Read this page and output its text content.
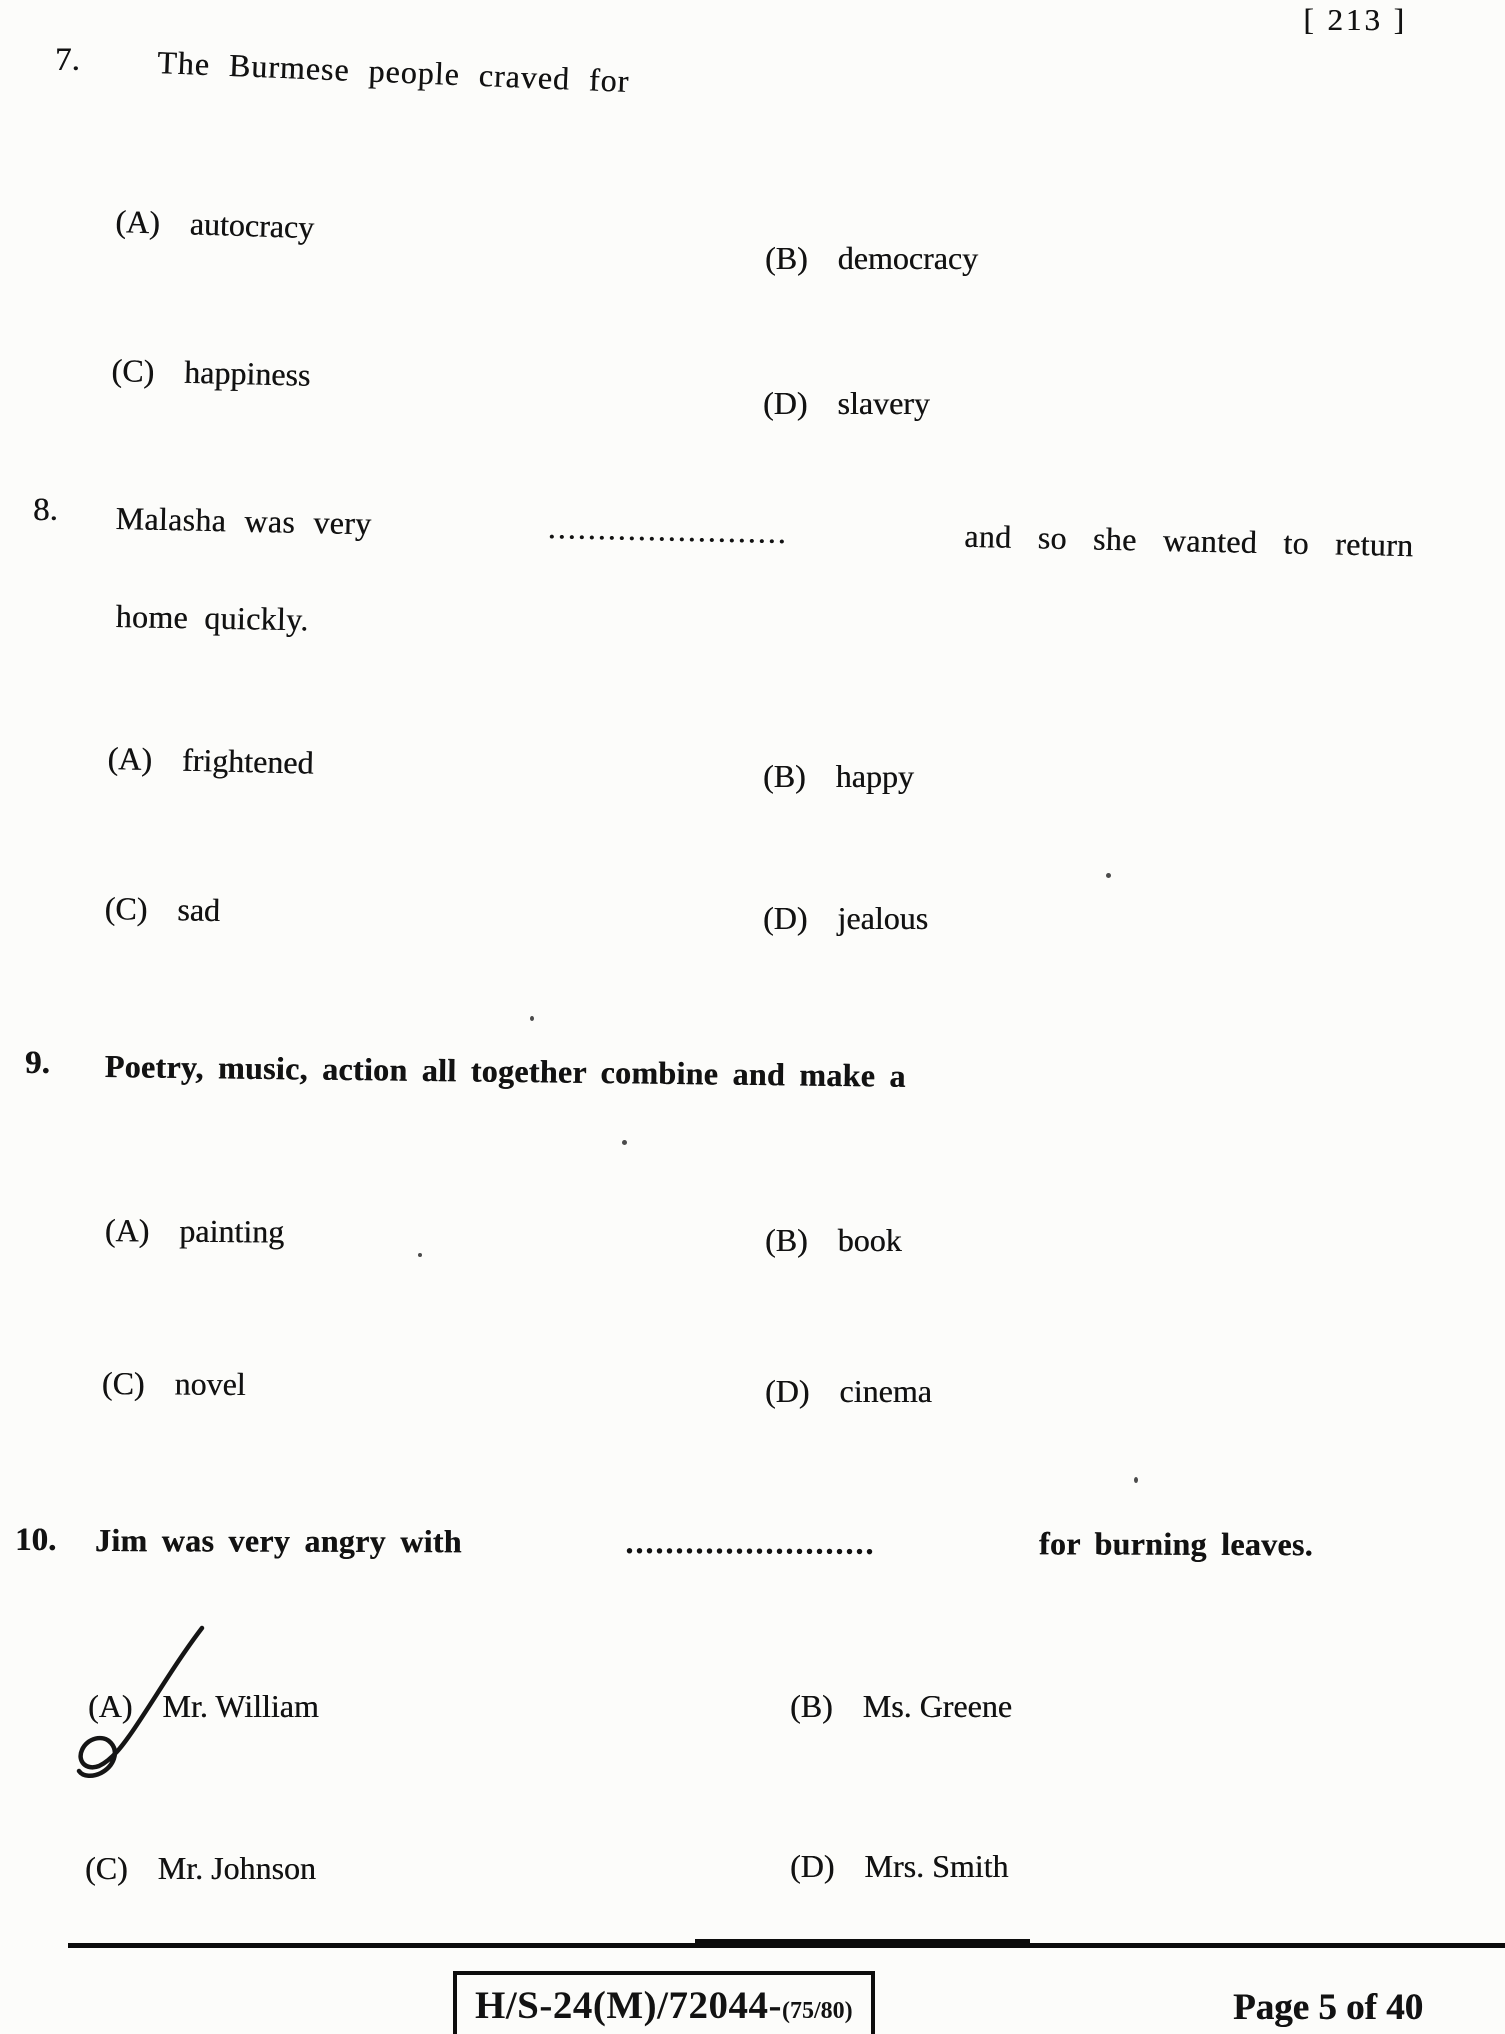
[ 213 ]
7. The Burmese people craved for
(A) autocracy
(B) democracy
(C) happiness
(D) slavery
8. Malasha was very	........................	and so she wanted to return
home quickly.
(A) frightened	(B) happy
(C) sad	(D) jealous
9. Poetry, music, action all together combine and make a
(A) painting	(B) book
(C) novel	(D) cinema
10. Jim was very angry with	.........................	for burning leaves.
(A) Mr. William	(B) Ms. Greene
(C) Mr. Johnson	(D) Mrs. Smith
H/S-24(M)/72044- (75/80)	Page 5 of 40
